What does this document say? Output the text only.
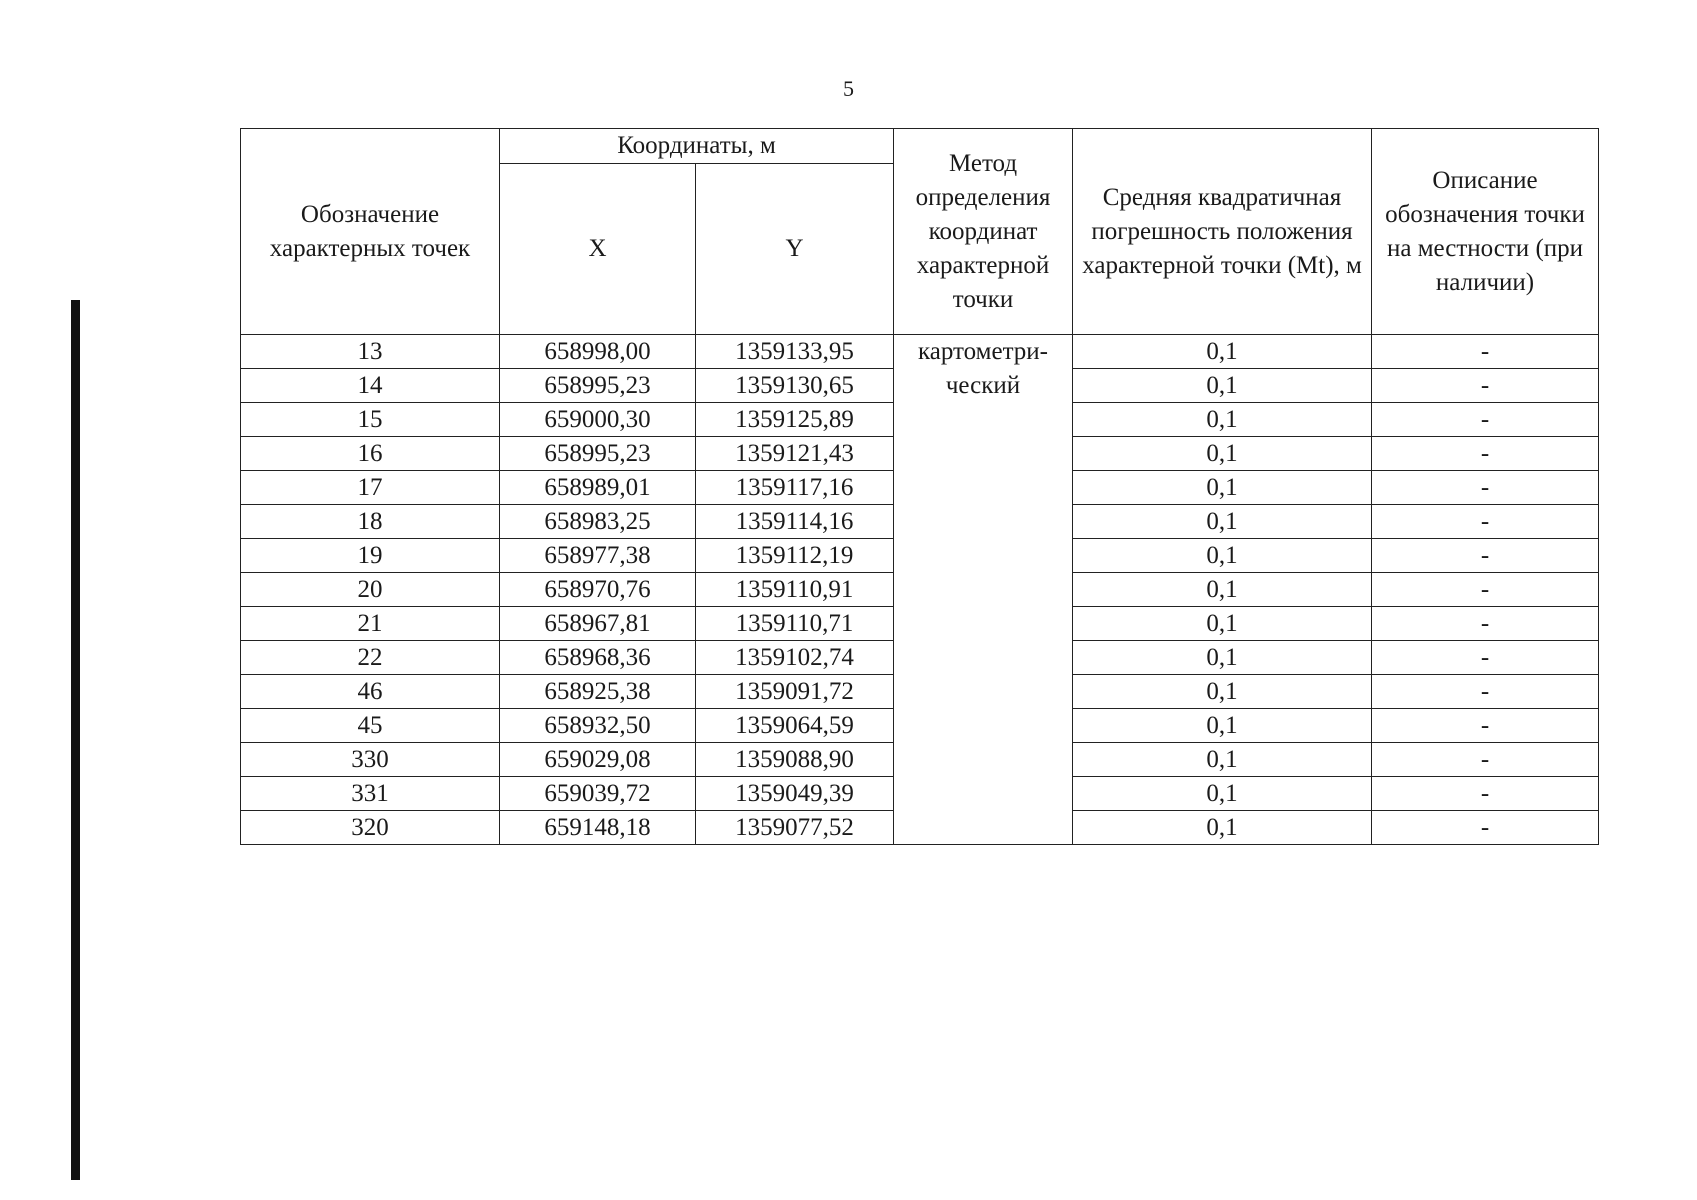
5
Обозначение характерных точек	Координаты, м		Метод определения координат характерной точки	Средняя квадратичная погрешность положения характерной точки (Mt), м	Описание обозначения точки на местности (при наличии)
	X	Y			
13	658998,00	1359133,95	картометри-ческий	0,1	-
14	658995,23	1359130,65		0,1	-
15	659000,30	1359125,89		0,1	-
16	658995,23	1359121,43		0,1	-
17	658989,01	1359117,16		0,1	-
18	658983,25	1359114,16		0,1	-
19	658977,38	1359112,19		0,1	-
20	658970,76	1359110,91		0,1	-
21	658967,81	1359110,71		0,1	-
22	658968,36	1359102,74		0,1	-
46	658925,38	1359091,72		0,1	-
45	658932,50	1359064,59		0,1	-
330	659029,08	1359088,90		0,1	-
331	659039,72	1359049,39		0,1	-
320	659148,18	1359077,52		0,1	-
